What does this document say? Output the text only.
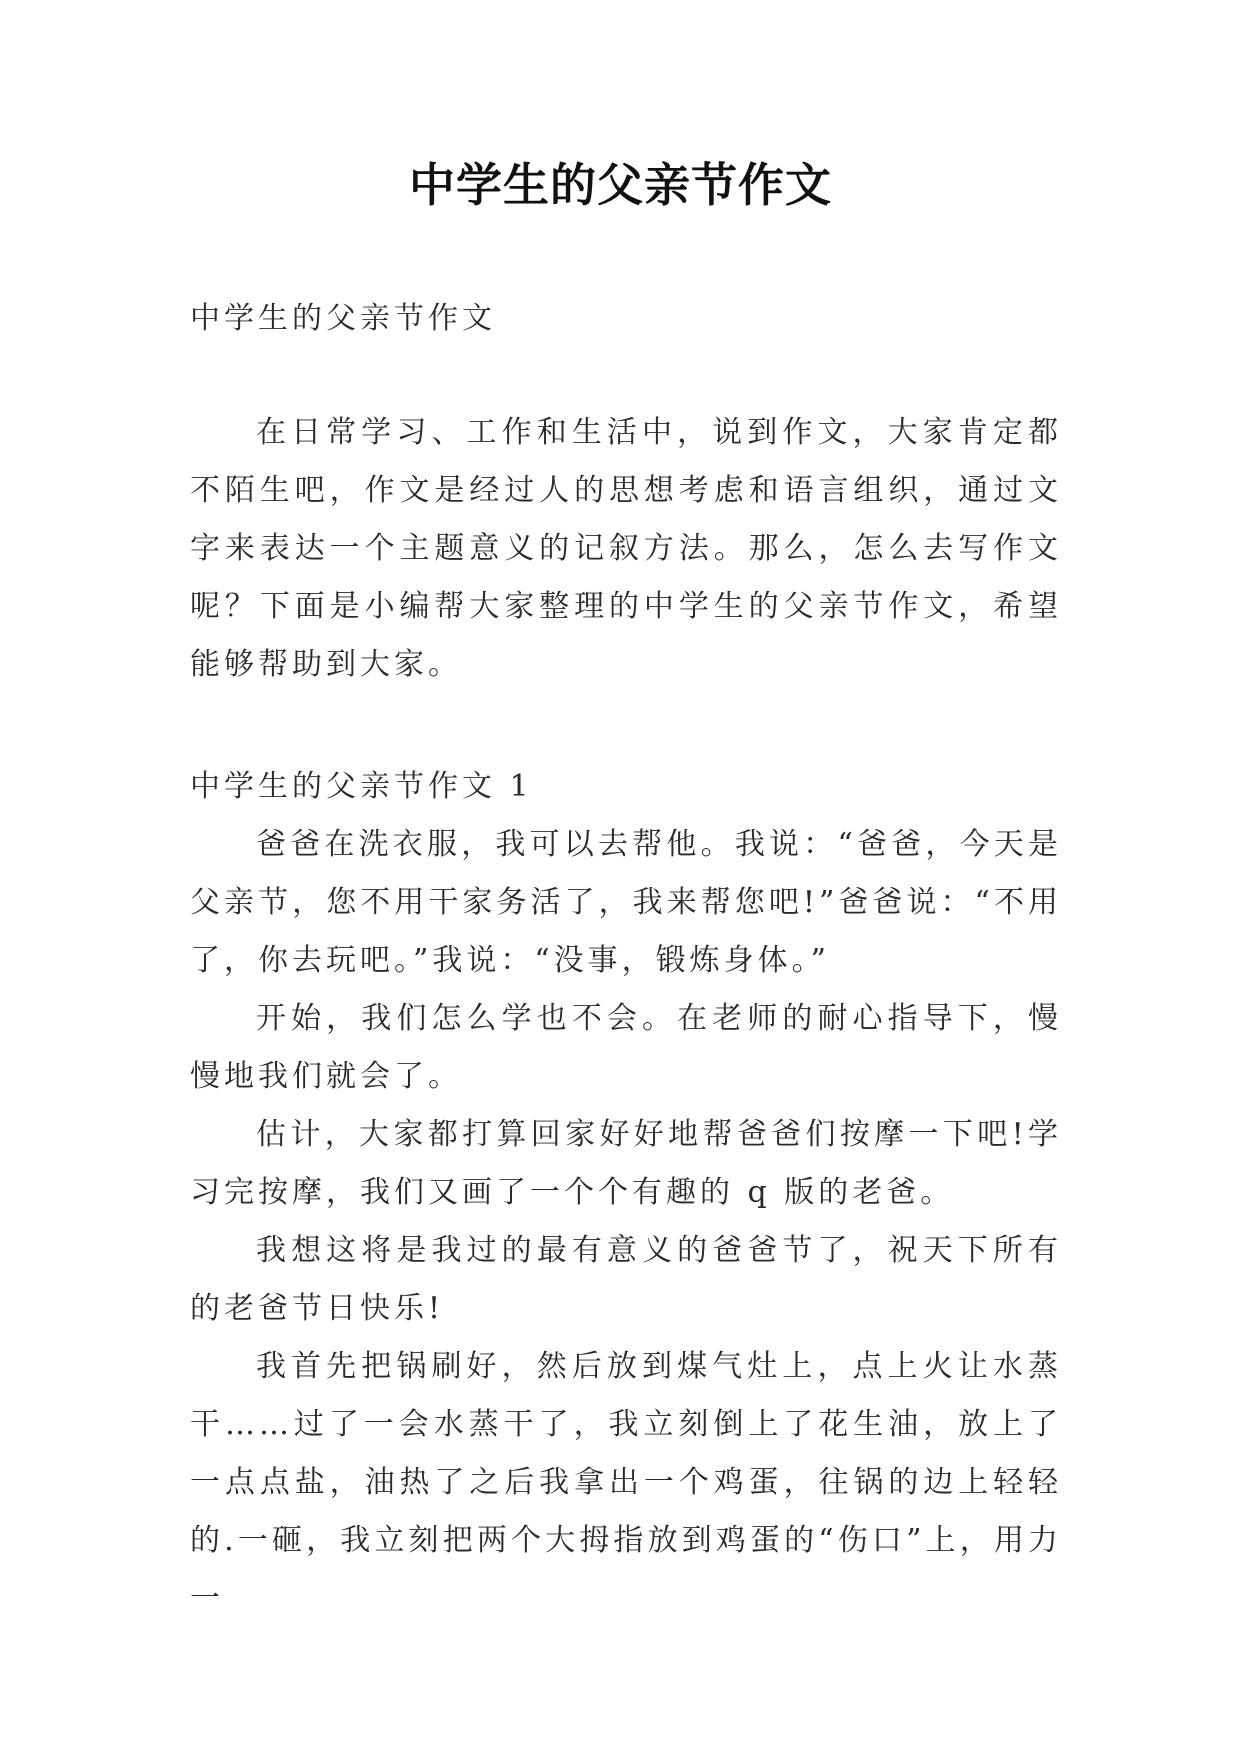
中学生的父亲节作文
中学生的父亲节作文
在日常学习、工作和生活中，说到作文，大家肯定都不陌生吧，作文是经过人的思想考虑和语言组织，通过文字来表达一个主题意义的记叙方法。那么，怎么去写作文呢？下面是小编帮大家整理的中学生的父亲节作文，希望能够帮助到大家。
中学生的父亲节作文 1

爸爸在洗衣服，我可以去帮他。我说：“爸爸，今天是父亲节，您不用干家务活了，我来帮您吧!”爸爸说：“不用了，你去玩吧。”我说：“没事，锻炼身体。”

开始，我们怎么学也不会。在老师的耐心指导下，慢慢地我们就会了。

估计，大家都打算回家好好地帮爸爸们按摩一下吧!学习完按摩，我们又画了一个个有趣的 q 版的老爸。

我想这将是我过的最有意义的爸爸节了，祝天下所有的老爸节日快乐!

我首先把锅刷好，然后放到煤气灶上，点上火让水蒸干……过了一会水蒸干了，我立刻倒上了花生油，放上了一点点盐，油热了之后我拿出一个鸡蛋，往锅的边上轻轻的.一砸，我立刻把两个大拇指放到鸡蛋的“伤口”上，用力一
